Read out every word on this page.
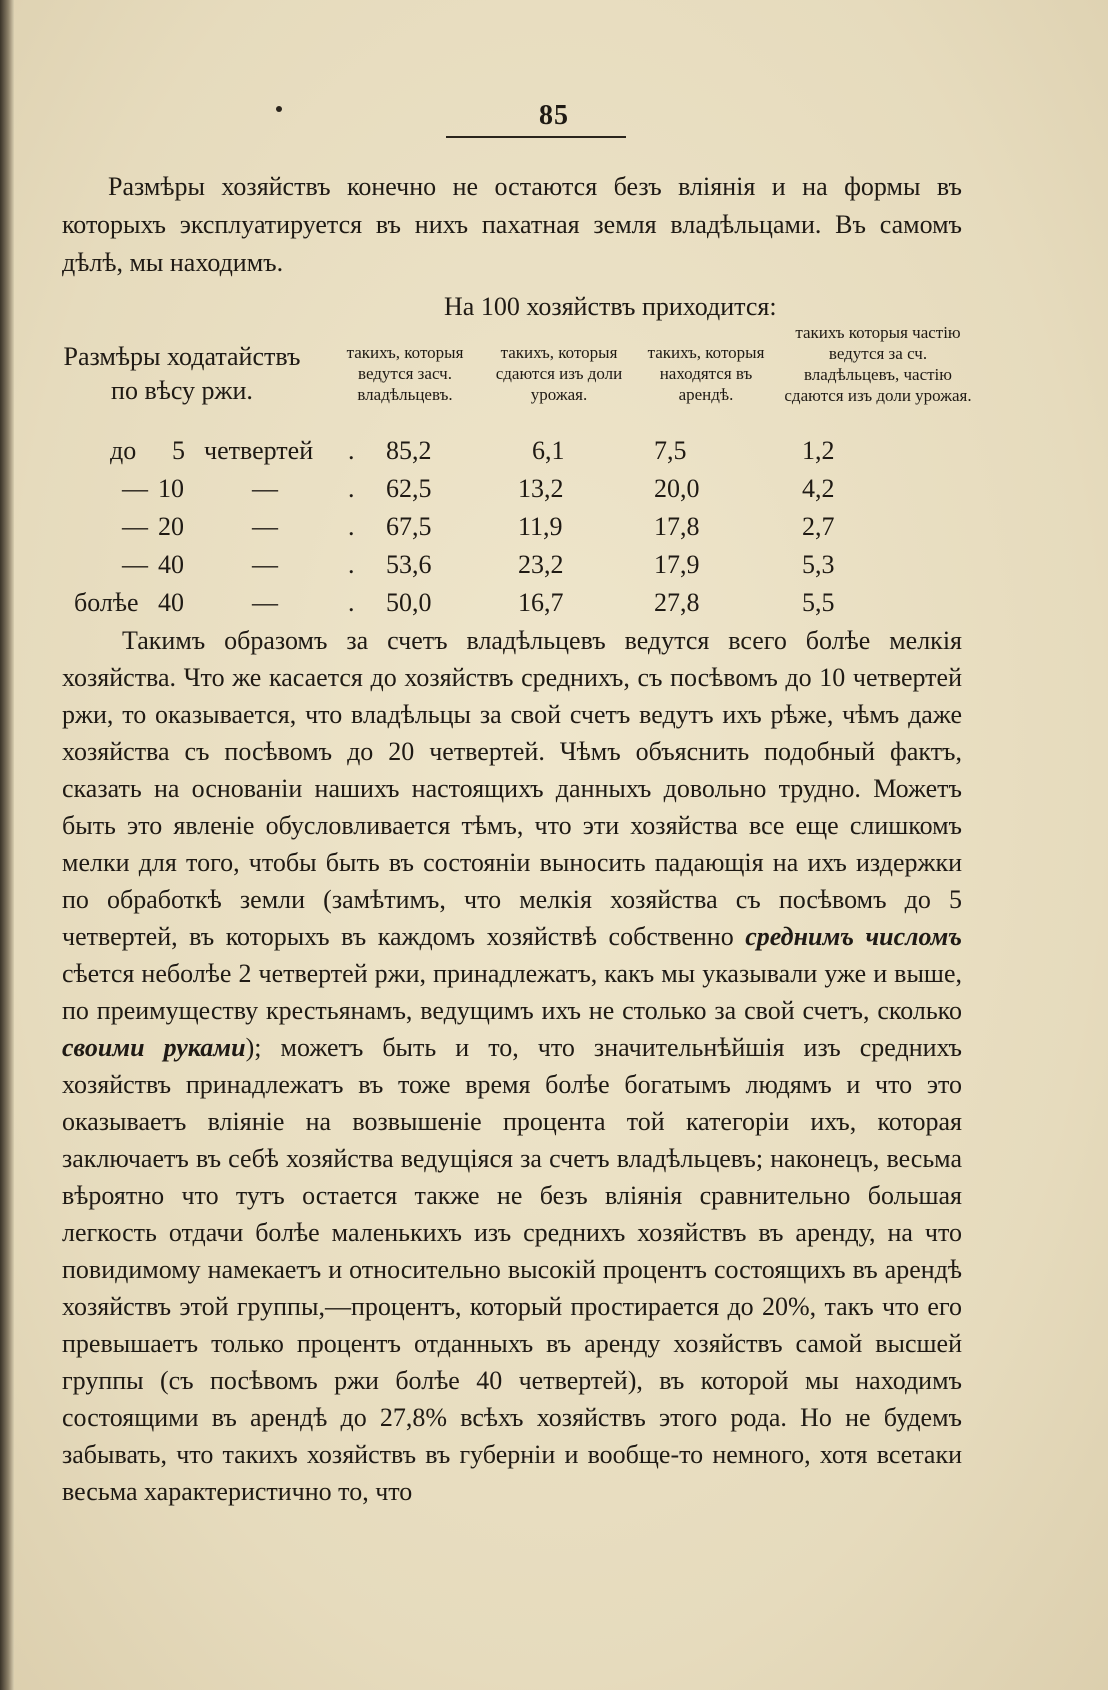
85

Размѣры хозяйствъ конечно не остаются безъ вліянія и на формы въ которыхъ эксплуатируется въ нихъ пахатная земля владѣльцами. Въ самомъ дѣлѣ, мы находимъ.

На 100 хозяйствъ приходится:
Размѣры ходатайствъ по вѣсу ржи.
такихъ, которыя ведутся засч. владѣльцевъ.
такихъ, которыя сдаются изъ доли урожая.
такихъ, которыя находятся въ арендѣ.
такихъ которыя частію ведутся за сч. владѣльцевъ, частію сдаются изъ доли урожая.
до 5 четвертей . 85,2	6,1	7,5	1,2
— 10	—	. 62,5	13,2	20,0	4,2
— 20	—	. 67,5	11,9	17,8	2,7
— 40	—	. 53,6	23,2	17,9	5,3
болѣе 40	—	. 50,0	16,7	27,8	5,5

Такимъ образомъ за счетъ владѣльцевъ ведутся всего болѣе мелкія хозяйства. Что же касается до хозяйствъ среднихъ, съ посѣвомъ до 10 четвертей ржи, то оказывается, что владѣльцы за свой счетъ ведутъ ихъ рѣже, чѣмъ даже хозяйства съ посѣвомъ до 20 четвертей. Чѣмъ объяснить подобный фактъ, сказать на основаніи нашихъ настоящихъ данныхъ довольно трудно. Можетъ быть это явленіе обусловливается тѣмъ, что эти хозяйства все еще слишкомъ мелки для того, чтобы быть въ состояніи выносить падающія на ихъ издержки по обработкѣ земли (замѣтимъ, что мелкія хозяйства съ посѣвомъ до 5 четвертей, въ которыхъ въ каждомъ хозяйствѣ собственно среднимъ числомъ сѣется неболѣе 2 четвертей ржи, принадлежатъ, какъ мы указывали уже и выше, по преимуществу крестьянамъ, ведущимъ ихъ не столько за свой счетъ, сколько своими руками); можетъ быть и то, что значительнѣйшія изъ среднихъ хозяйствъ принадлежатъ въ тоже время болѣе богатымъ людямъ и что это оказываетъ вліяніе на возвышеніе процента той категоріи ихъ, которая заключаетъ въ себѣ хозяйства ведущіяся за счетъ владѣльцевъ; наконецъ, весьма вѣроятно что тутъ остается также не безъ вліянія сравнительно большая легкость отдачи болѣе маленькихъ изъ среднихъ хозяйствъ въ аренду, на что повидимому намекаетъ и относительно высокій процентъ состоящихъ въ арендѣ хозяйствъ этой группы,—процентъ, который простирается до 20%, такъ что его превышаетъ только процентъ отданныхъ въ аренду хозяйствъ самой высшей группы (съ посѣвомъ ржи болѣе 40 четвертей), въ которой мы находимъ состоящими въ арендѣ до 27,8% всѣхъ хозяйствъ этого рода. Но не будемъ забывать, что такихъ хозяйствъ въ губерніи и вообще-то немного, хотя всетаки весьма характеристично то, что
